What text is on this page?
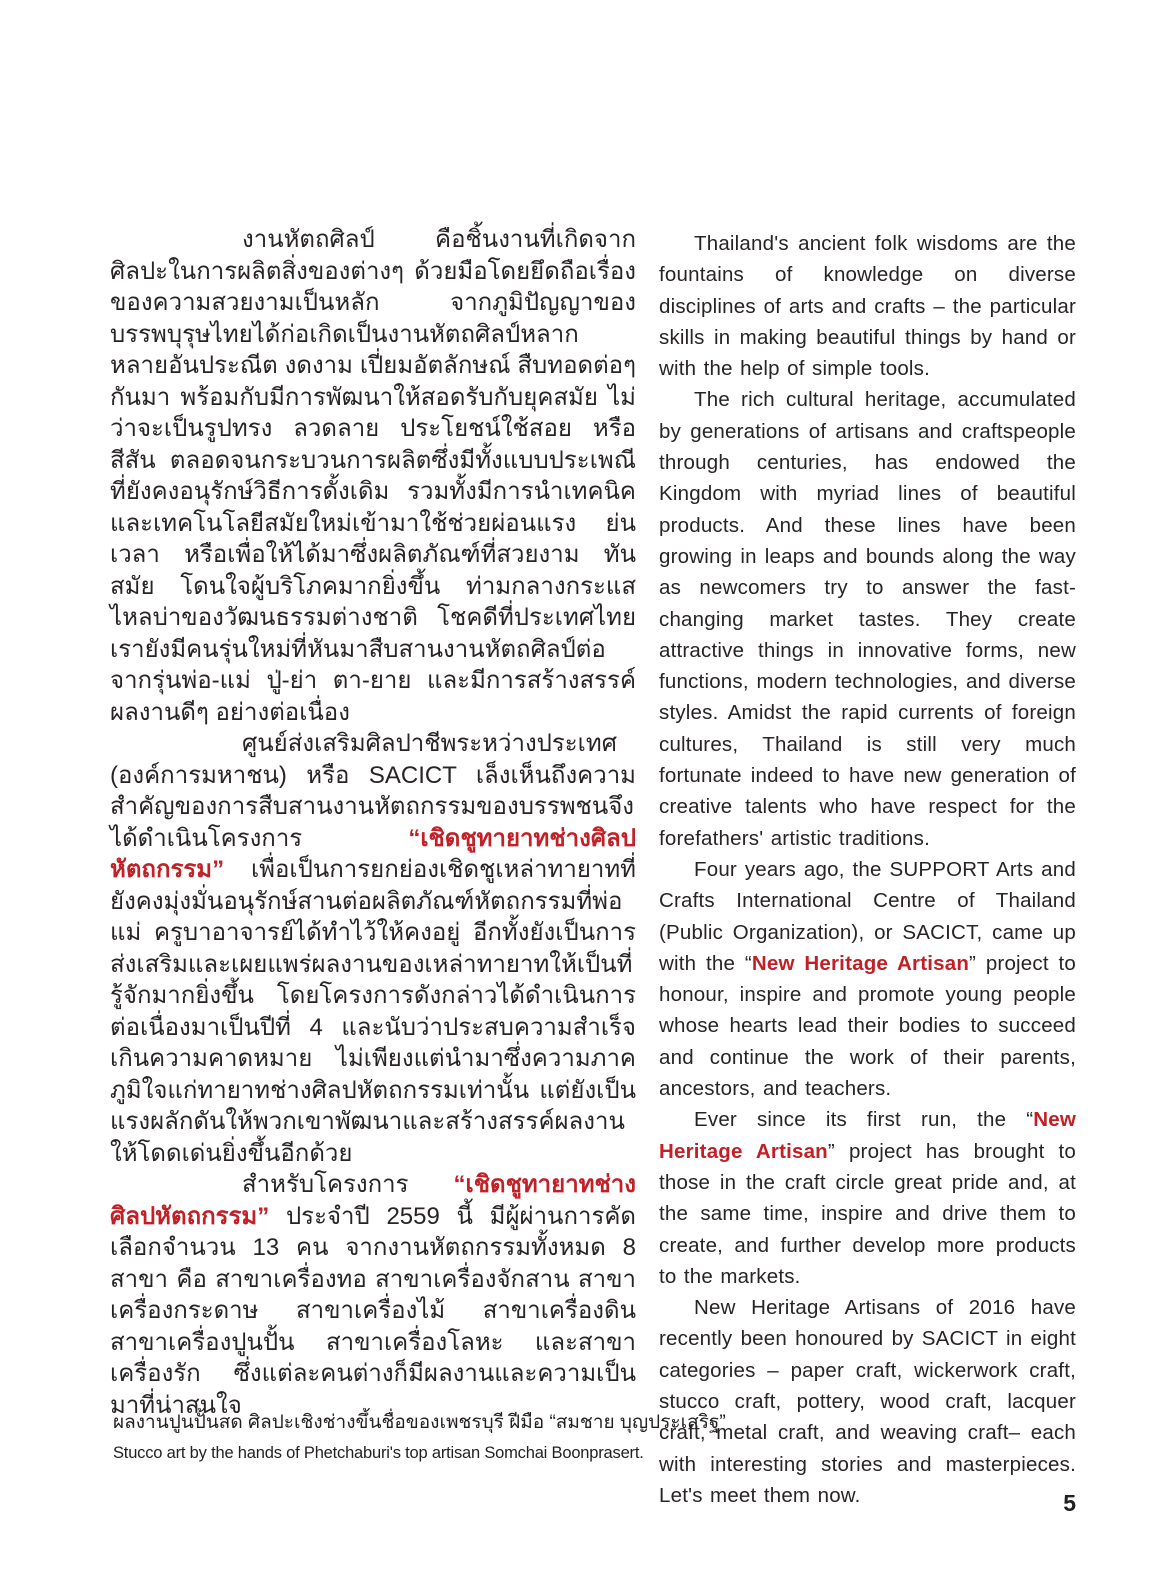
งานหัตถศิลป์ คือชิ้นงานที่เกิดจากศิลปะในการผลิตสิ่งของต่างๆ ด้วยมือโดยยึดถือเรื่องของความสวยงามเป็นหลัก จากภูมิปัญญาของบรรพบุรุษไทยได้ก่อเกิดเป็นงานหัตถศิลป์หลากหลายอันประณีต งดงาม เปี่ยมอัตลักษณ์ สืบทอดต่อๆ กันมา พร้อมกับมีการพัฒนาให้สอดรับกับยุคสมัย ไม่ว่าจะเป็นรูปทรง ลวดลาย ประโยชน์ใช้สอย หรือสีสัน ตลอดจนกระบวนการผลิตซึ่งมีทั้งแบบประเพณีที่ยังคงอนุรักษ์วิธีการดั้งเดิม รวมทั้งมีการนำเทคนิคและเทคโนโลยีสมัยใหม่เข้ามาใช้ช่วยผ่อนแรง ย่นเวลา หรือเพื่อให้ได้มาซึ่งผลิตภัณฑ์ที่สวยงาม ทันสมัย โดนใจผู้บริโภคมากยิ่งขึ้น ท่ามกลางกระแสไหลบ่าของวัฒนธรรมต่างชาติ โชคดีที่ประเทศไทยเรายังมีคนรุ่นใหม่ที่หันมาสืบสานงานหัตถศิลป์ต่อจากรุ่นพ่อ-แม่ ปู่-ย่า ตา-ยาย และมีการสร้างสรรค์ผลงานดีๆ อย่างต่อเนื่อง

ศูนย์ส่งเสริมศิลปาชีพระหว่างประเทศ (องค์การมหาชน) หรือ SACICT เล็งเห็นถึงความสำคัญของการสืบสานงานหัตถกรรมของบรรพชนจึงได้ดำเนินโครงการ “เชิดชูทายาทช่างศิลปหัตถกรรม” เพื่อเป็นการยกย่องเชิดชูเหล่าทายาทที่ยังคงมุ่งมั่นอนุรักษ์สานต่อผลิตภัณฑ์หัตถกรรมที่พ่อแม่ ครูบาอาจารย์ได้ทำไว้ให้คงอยู่ อีกทั้งยังเป็นการส่งเสริมและเผยแพร่ผลงานของเหล่าทายาทให้เป็นที่รู้จักมากยิ่งขึ้น โดยโครงการดังกล่าวได้ดำเนินการต่อเนื่องมาเป็นปีที่ 4 และนับว่าประสบความสำเร็จเกินความคาดหมาย ไม่เพียงแต่นำมาซึ่งความภาคภูมิใจแก่ทายาทช่างศิลปหัตถกรรมเท่านั้น แต่ยังเป็นแรงผลักดันให้พวกเขาพัฒนาและสร้างสรรค์ผลงานให้โดดเด่นยิ่งขึ้นอีกด้วย

สำหรับโครงการ “เชิดชูทายาทช่างศิลปหัตถกรรม” ประจำปี 2559 นี้ มีผู้ผ่านการคัดเลือกจำนวน 13 คน จากงานหัตถกรรมทั้งหมด 8 สาขา คือ สาขาเครื่องทอ สาขาเครื่องจักสาน สาขาเครื่องกระดาษ สาขาเครื่องไม้ สาขาเครื่องดิน สาขาเครื่องปูนปั้น สาขาเครื่องโลหะ และสาขาเครื่องรัก ซึ่งแต่ละคนต่างก็มีผลงานและความเป็นมาที่น่าสนใจ

Thailand's ancient folk wisdoms are the fountains of knowledge on diverse disciplines of arts and crafts – the particular skills in making beautiful things by hand or with the help of simple tools.

The rich cultural heritage, accumulated by generations of artisans and craftspeople through centuries, has endowed the Kingdom with myriad lines of beautiful products. And these lines have been growing in leaps and bounds along the way as newcomers try to answer the fast-changing market tastes. They create attractive things in innovative forms, new functions, modern technologies, and diverse styles. Amidst the rapid currents of foreign cultures, Thailand is still very much fortunate indeed to have new generation of creative talents who have respect for the forefathers' artistic traditions.

Four years ago, the SUPPORT Arts and Crafts International Centre of Thailand (Public Organization), or SACICT, came up with the “New Heritage Artisan” project to honour, inspire and promote young people whose hearts lead their bodies to succeed and continue the work of their parents, ancestors, and teachers.

Ever since its first run, the “New Heritage Artisan” project has brought to those in the craft circle great pride and, at the same time, inspire and drive them to create, and further develop more products to the markets.

New Heritage Artisans of 2016 have recently been honoured by SACICT in eight categories – paper craft, wickerwork craft, stucco craft, pottery, wood craft, lacquer craft, metal craft, and weaving craft– each with interesting stories and masterpieces. Let's meet them now.

ผลงานปูนปั้นสด ศิลปะเชิงช่างขึ้นชื่อของเพชรบุรี ฝีมือ “สมชาย บุญประเสริฐ”
Stucco art by the hands of Phetchaburi's top artisan Somchai Boonprasert.
5
